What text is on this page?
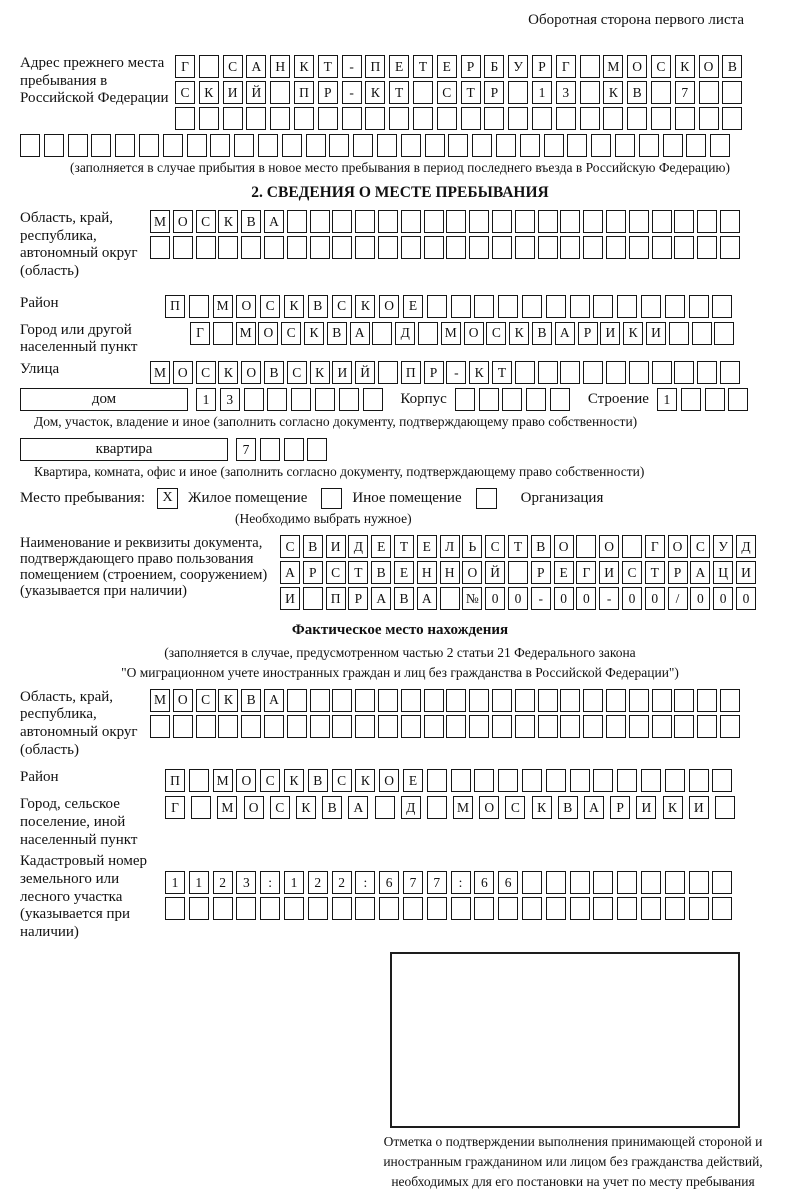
Оборотная сторона первого листа
Адрес прежнего места пребывания в Российской Федерации
Г	С	А	Н	К	Т	-	П	Е	Т	Е	Р	Б	У	Р	Г	М О	С	К	О	В
С	К	И	Й	П	Р	-	К	Т	С	Т	Р	1	3	К	В	7
(заполняется в случае прибытия в новое место пребывания в период последнего въезда в Российскую Федерацию)
2. СВЕДЕНИЯ О МЕСТЕ ПРЕБЫВАНИЯ
Область, край, республика, автономный округ (область)
М О С	К	В А
Район	П	М О	С	К	В	С	К	О	Е
Город или другой населенный пункт
Г	М О С	К	В А	Д	М О С	К	В А	Р	И К И
Улица	М О С	К О В	С	К И Й	П	Р	-	К	Т
дом	1	3	Корпус	Строение	1
Дом, участок, владение и иное (заполнить согласно документу, подтверждающему право собственности)
квартира	7
Квартира, комната, офис и иное (заполнить согласно документу, подтверждающему право собственности)
Место пребывания:	X	Жилое помещение	Иное помещение	Организация
(Необходимо выбрать нужное)
Наименование и реквизиты документа, подтверждающего право пользования помещением (строением, сооружением) (указывается при наличии)
С	В И Д	Е	Т	Е	Л	Ь	С	Т	В О	О	Г	О С	У Д
А	Р	С	Т	В	Е	Н Н О Й	Р	Е	Г	И С	Т	Р	А Ц И
И	П	Р	А В А	№ 0	0	-	0	0	-	0	0	/	0	0	0
Фактическое место нахождения
(заполняется в случае, предусмотренном частью 2 статьи 21 Федерального закона
"О миграционном учете иностранных граждан и лиц без гражданства в Российской Федерации")
Область, край, республика, автономный округ (область)
М О С	К	В А
Район	П	М О	С	К	В	С	К	О	Е
Город, сельское поселение, иной населенный пункт
Г	М	О	С	К	В	А	Д	М	О	С	К	В	А	Р	И	К	И
Кадастровый номер земельного или лесного участка (указывается при наличии)
1	1	2	3	:	1	2	2	:	6	7	7	:	6	6
Отметка о подтверждении выполнения принимающей стороной и иностранным гражданином или лицом без гражданства действий, необходимых для его постановки на учет по месту пребывания
